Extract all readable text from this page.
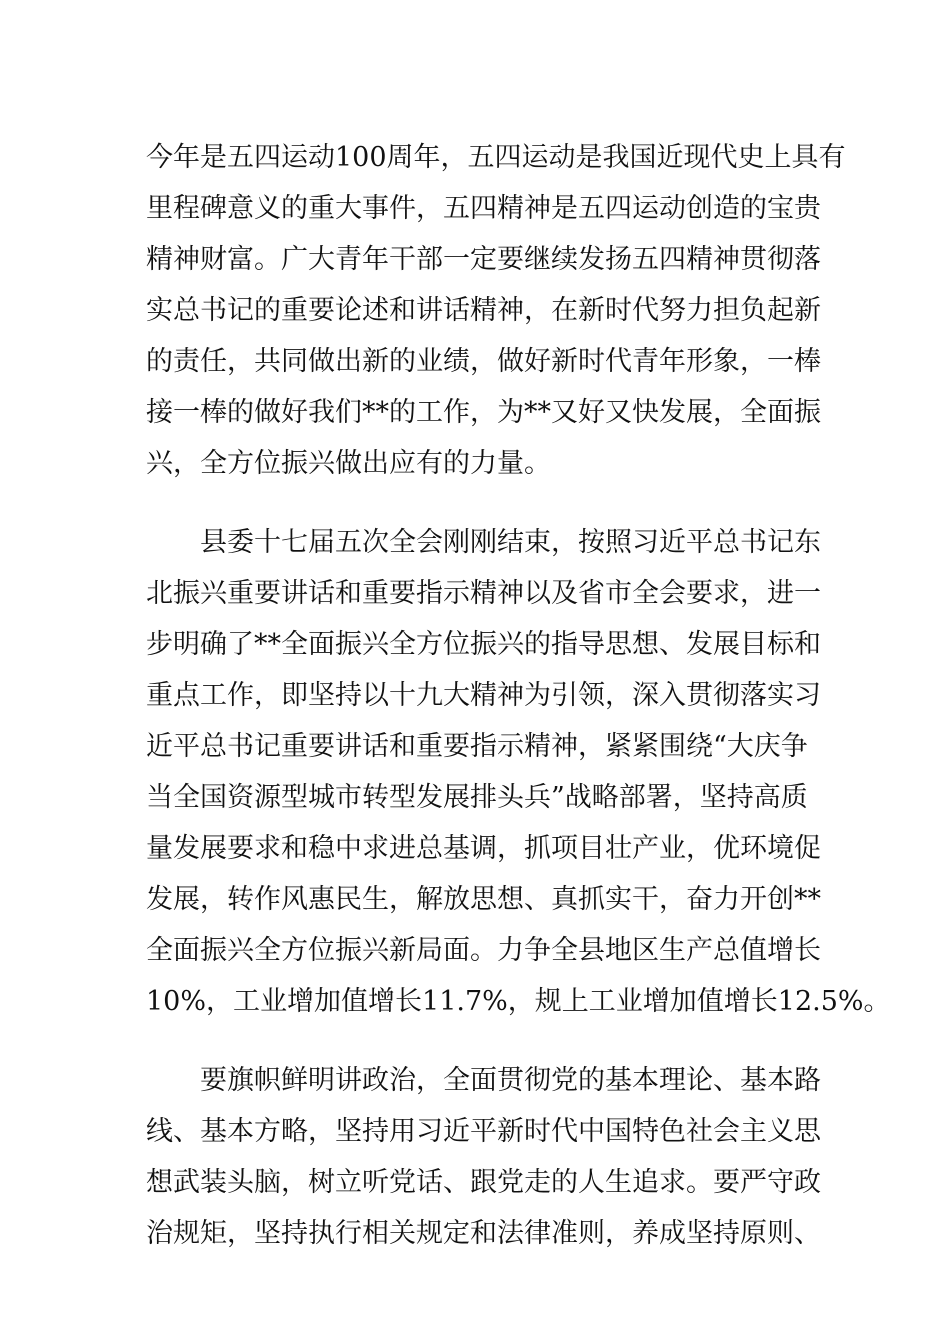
今年是五四运动100周年，五四运动是我国近现代史上具有
里程碑意义的重大事件，五四精神是五四运动创造的宝贵
精神财富。广大青年干部一定要继续发扬五四精神贯彻落
实总书记的重要论述和讲话精神，在新时代努力担负起新
的责任，共同做出新的业绩，做好新时代青年形象，一棒
接一棒的做好我们**的工作，为**又好又快发展，全面振
兴，全方位振兴做出应有的力量。
　　县委十七届五次全会刚刚结束，按照习近平总书记东
北振兴重要讲话和重要指示精神以及省市全会要求，进一
步明确了**全面振兴全方位振兴的指导思想、发展目标和
重点工作，即坚持以十九大精神为引领，深入贯彻落实习
近平总书记重要讲话和重要指示精神，紧紧围绕“大庆争
当全国资源型城市转型发展排头兵”战略部署，坚持高质
量发展要求和稳中求进总基调，抓项目壮产业，优环境促
发展，转作风惠民生，解放思想、真抓实干，奋力开创**
全面振兴全方位振兴新局面。力争全县地区生产总值增长
10%，工业增加值增长11.7%，规上工业增加值增长12.5%。
　　要旗帜鲜明讲政治，全面贯彻党的基本理论、基本路
线、基本方略，坚持用习近平新时代中国特色社会主义思
想武装头脑，树立听党话、跟党走的人生追求。要严守政
治规矩，坚持执行相关规定和法律准则，养成坚持原则、
